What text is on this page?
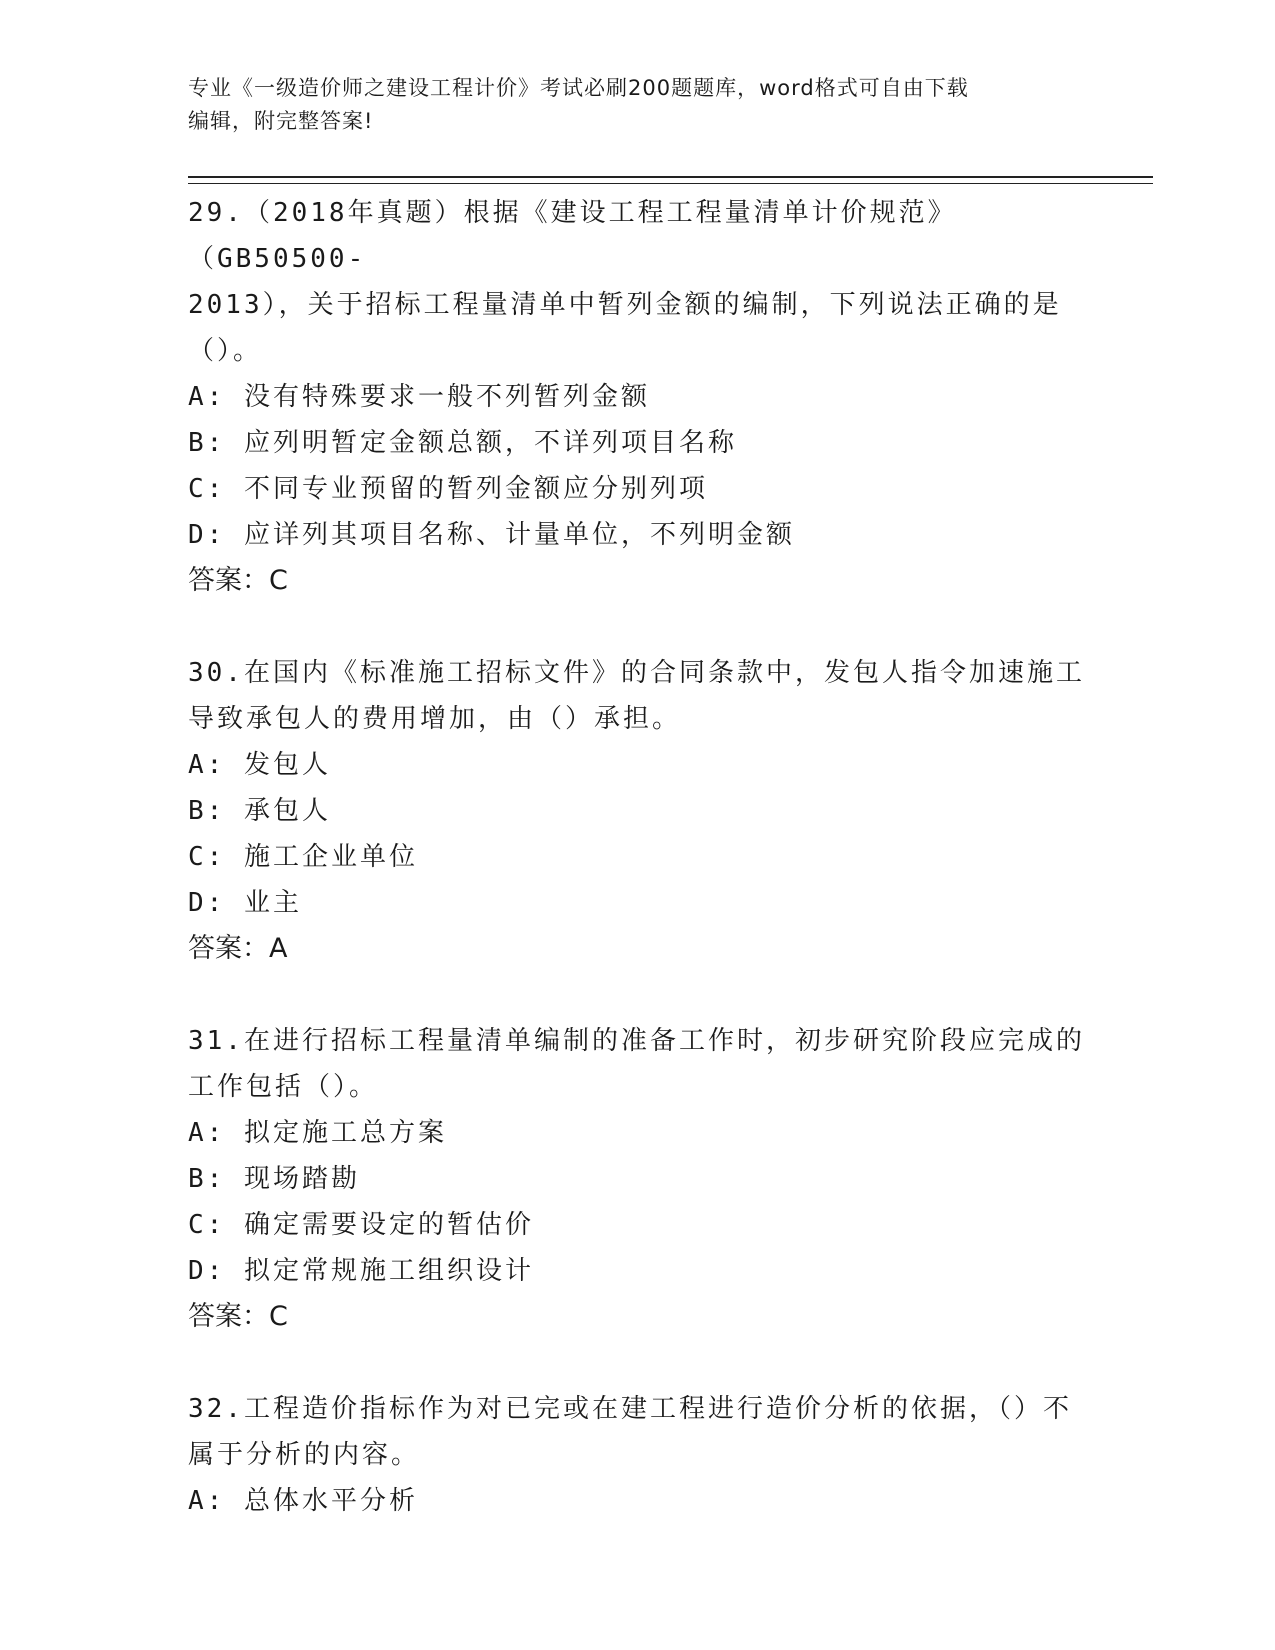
专业《一级造价师之建设工程计价》考试必刷200题题库，word格式可自由下载
编辑，附完整答案!

29.（2018年真题）根据《建设工程工程量清单计价规范》（GB50500-

2013），关于招标工程量清单中暂列金额的编制，下列说法正确的是

（）。

A: 没有特殊要求一般不列暂列金额

B: 应列明暂定金额总额，不详列项目名称

C: 不同专业预留的暂列金额应分别列项

D: 应详列其项目名称、计量单位，不列明金额

答案：C

30.在国内《标准施工招标文件》的合同条款中，发包人指令加速施工

导致承包人的费用增加，由（）承担。

A: 发包人

B: 承包人

C: 施工企业单位

D: 业主

答案：A

31.在进行招标工程量清单编制的准备工作时，初步研究阶段应完成的

工作包括（）。

A: 拟定施工总方案

B: 现场踏勘

C: 确定需要设定的暂估价

D: 拟定常规施工组织设计

答案：C

32.工程造价指标作为对已完或在建工程进行造价分析的依据，（）不

属于分析的内容。

A: 总体水平分析
